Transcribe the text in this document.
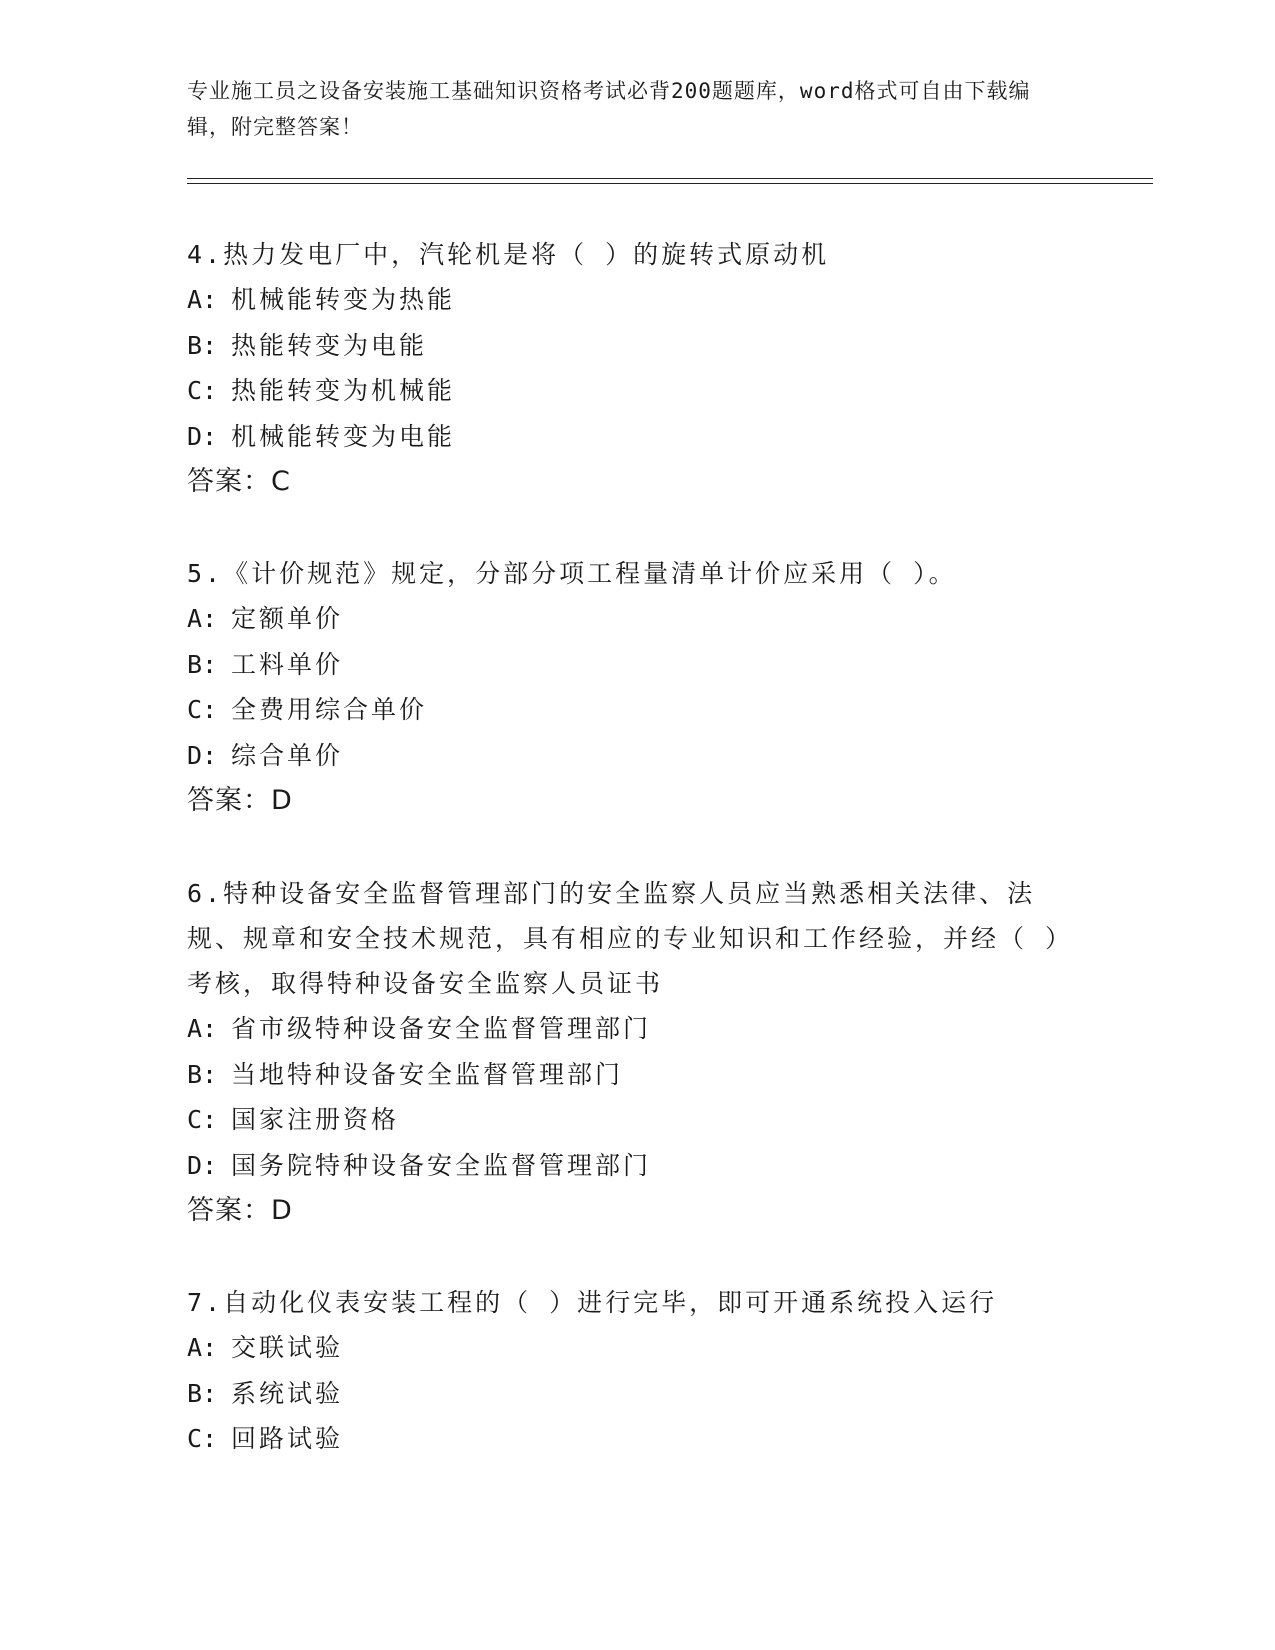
专业施工员之设备安装施工基础知识资格考试必背200题题库，word格式可自由下载编辑，附完整答案！

4.热力发电厂中，汽轮机是将（ ）的旋转式原动机

A: 机械能转变为热能
B: 热能转变为电能
C: 热能转变为机械能
D: 机械能转变为电能
答案：C

5.《计价规范》规定，分部分项工程量清单计价应采用（ ）。

A: 定额单价
B: 工料单价
C: 全费用综合单价
D: 综合单价
答案：D

6.特种设备安全监督管理部门的安全监察人员应当熟悉相关法律、法规、规章和安全技术规范，具有相应的专业知识和工作经验，并经（ ）考核，取得特种设备安全监察人员证书

A: 省市级特种设备安全监督管理部门
B: 当地特种设备安全监督管理部门
C: 国家注册资格
D: 国务院特种设备安全监督管理部门
答案：D

7.自动化仪表安装工程的（ ）进行完毕，即可开通系统投入运行

A: 交联试验
B: 系统试验
C: 回路试验
